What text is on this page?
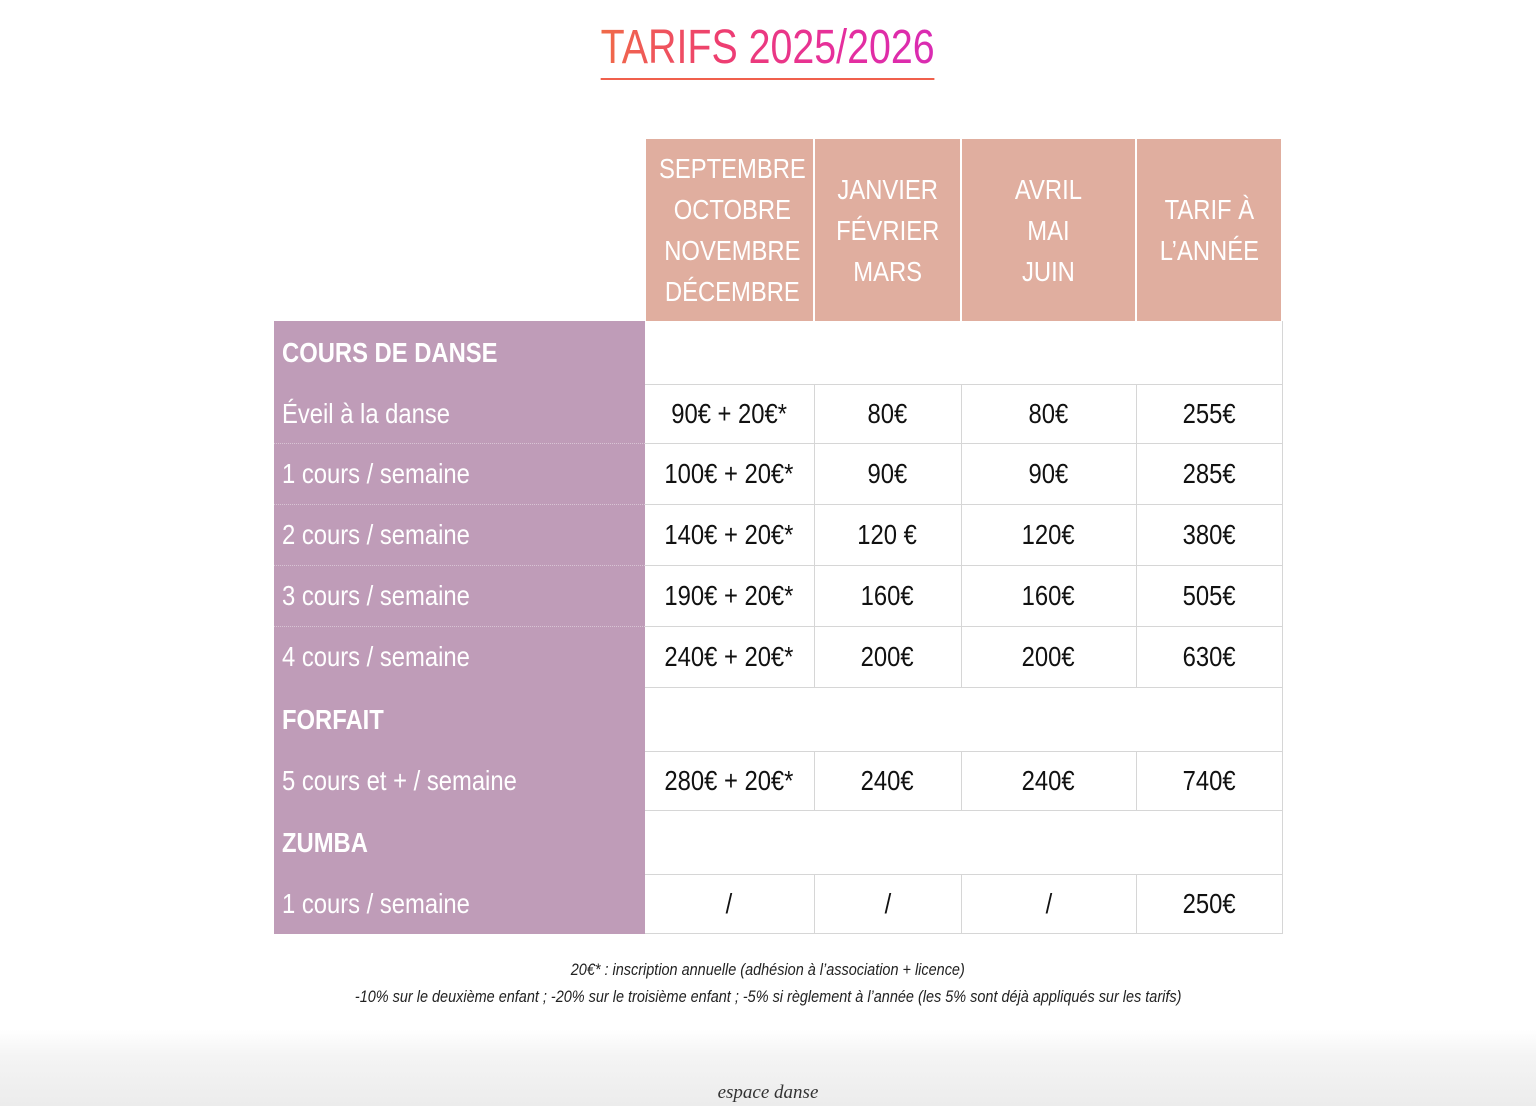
TARIFS 2025/2026

	SEPTEMBRE
OCTOBRE
NOVEMBRE
DÉCEMBRE	JANVIER
FÉVRIER
MARS	AVRIL
MAI
JUIN	TARIF À
L’ANNÉE

COURS DE DANSE				
Éveil à la danse	90€ + 20€*	80€	80€	255€
1 cours / semaine	100€ + 20€*	90€	90€	285€
2 cours / semaine	140€ + 20€*	120 €	120€	380€
3 cours / semaine	190€ + 20€*	160€	160€	505€
4 cours / semaine	240€ + 20€*	200€	200€	630€
FORFAIT				
5 cours et + / semaine	280€ + 20€*	240€	240€	740€
ZUMBA				
1 cours / semaine	/	/	/	250€
20€* : inscription annuelle (adhésion à l’association + licence)
-10% sur le deuxième enfant ; -20% sur le troisième enfant ; -5% si règlement à l’année (les 5% sont déjà appliqués sur les tarifs)
espace danse
